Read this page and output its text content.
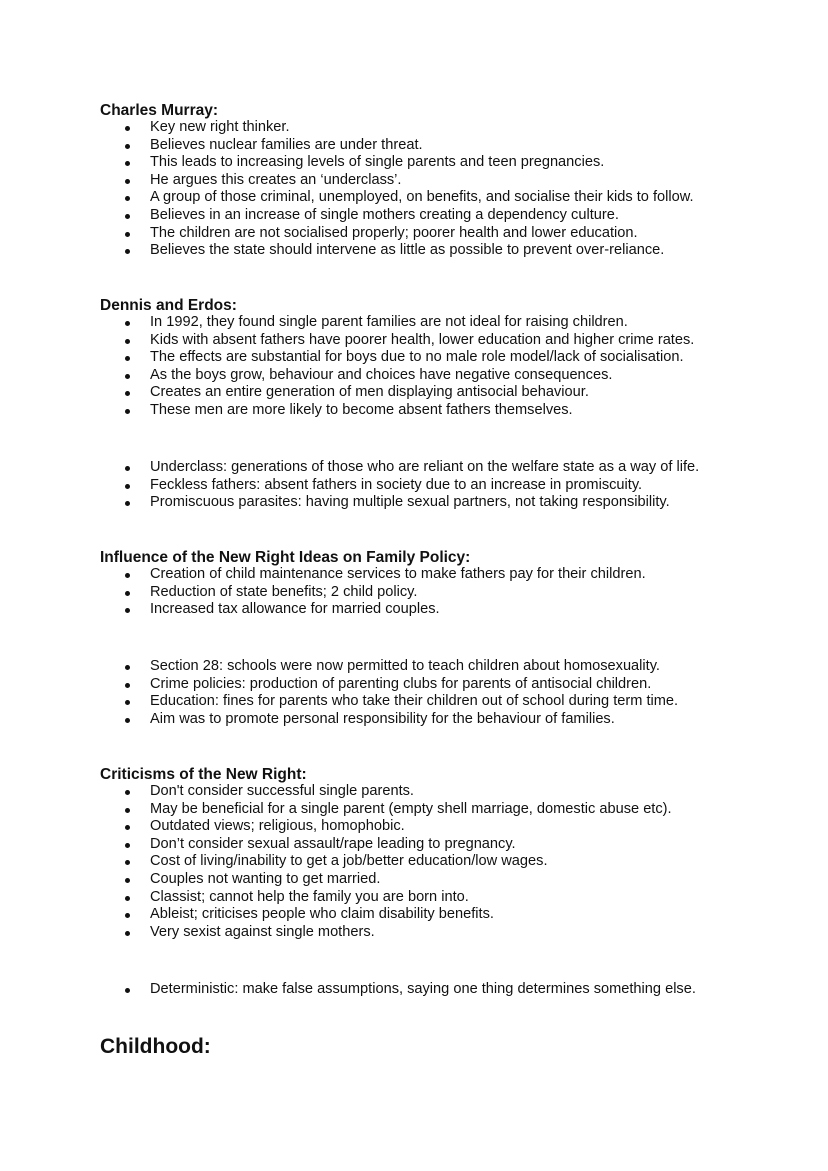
Charles Murray:
Key new right thinker.
Believes nuclear families are under threat.
This leads to increasing levels of single parents and teen pregnancies.
He argues this creates an ‘underclass’.
A group of those criminal, unemployed, on benefits, and socialise their kids to follow.
Believes in an increase of single mothers creating a dependency culture.
The children are not socialised properly; poorer health and lower education.
Believes the state should intervene as little as possible to prevent over-reliance.
Dennis and Erdos:
In 1992, they found single parent families are not ideal for raising children.
Kids with absent fathers have poorer health, lower education and higher crime rates.
The effects are substantial for boys due to no male role model/lack of socialisation.
As the boys grow, behaviour and choices have negative consequences.
Creates an entire generation of men displaying antisocial behaviour.
These men are more likely to become absent fathers themselves.
Underclass: generations of those who are reliant on the welfare state as a way of life.
Feckless fathers: absent fathers in society due to an increase in promiscuity.
Promiscuous parasites: having multiple sexual partners, not taking responsibility.
Influence of the New Right Ideas on Family Policy:
Creation of child maintenance services to make fathers pay for their children.
Reduction of state benefits; 2 child policy.
Increased tax allowance for married couples.
Section 28: schools were now permitted to teach children about homosexuality.
Crime policies: production of parenting clubs for parents of antisocial children.
Education: fines for parents who take their children out of school during term time.
Aim was to promote personal responsibility for the behaviour of families.
Criticisms of the New Right:
Don't consider successful single parents.
May be beneficial for a single parent (empty shell marriage, domestic abuse etc).
Outdated views; religious, homophobic.
Don’t consider sexual assault/rape leading to pregnancy.
Cost of living/inability to get a job/better education/low wages.
Couples not wanting to get married.
Classist; cannot help the family you are born into.
Ableist; criticises people who claim disability benefits.
Very sexist against single mothers.
Deterministic: make false assumptions, saying one thing determines something else.
Childhood:
